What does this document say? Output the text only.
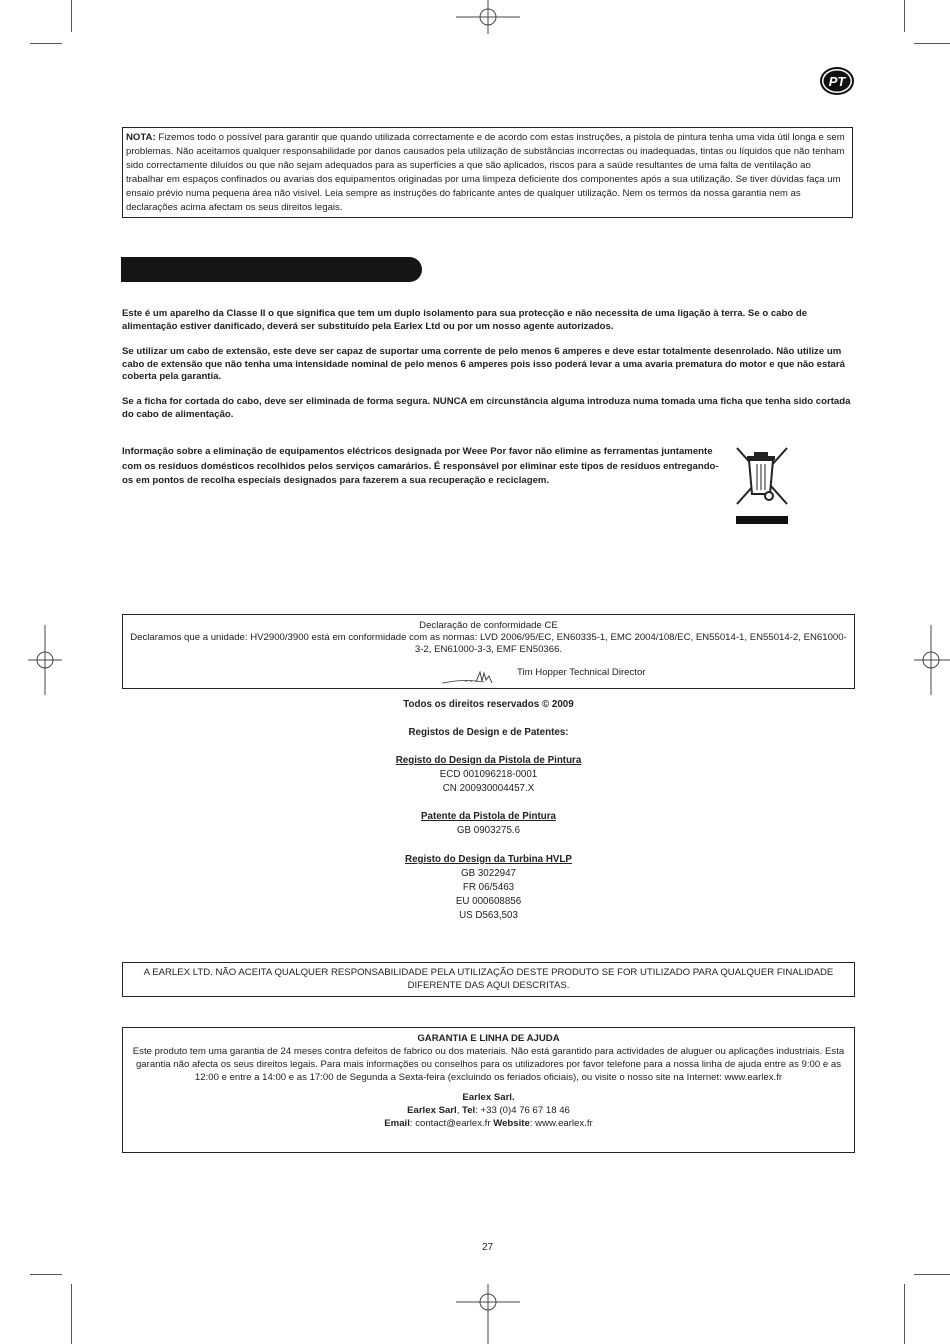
PT
NOTA: Fizemos todo o possível para garantir que quando utilizada correctamente e de acordo com estas instruções, a pistola de pintura tenha uma vida útil longa e sem problemas. Não aceitamos qualquer responsabilidade por danos causados pela utilização de substâncias incorrectas ou inadequadas, tintas ou líquidos que não tenham sido correctamente diluídos ou que não sejam adequados para as superfícies a que são aplicados, riscos para a saúde resultantes de uma falta de ventilação ao trabalhar em espaços confinados ou avarias dos equipamentos originadas por uma limpeza deficiente dos componentes após a sua utilização. Se tiver dúvidas faça um ensaio prévio numa pequena área não visível. Leia sempre as instruções do fabricante antes de qualquer utilização. Nem os termos da nossa garantia nem as declarações acima afectam os seus direitos legais.
Este é um aparelho da Classe II o que significa que tem um duplo isolamento para sua protecção e não necessita de uma ligação à terra. Se o cabo de alimentação estiver danificado, deverá ser substituído pela Earlex Ltd ou por um nosso agente autorizados.
Se utilizar um cabo de extensão, este deve ser capaz de suportar uma corrente de pelo menos 6 amperes e deve estar totalmente desenrolado. Não utilize um cabo de extensão que não tenha uma intensidade nominal de pelo menos 6 amperes pois isso poderá levar a uma avaria prematura do motor e que não estará coberta pela garantia.
Se a ficha for cortada do cabo, deve ser eliminada de forma segura. NUNCA em circunstância alguma introduza numa tomada uma ficha que tenha sido cortada do cabo de alimentação.
Informação sobre a eliminação de equipamentos eléctricos designada por Weee Por favor não elimine as ferramentas juntamente com os resíduos domésticos recolhidos pelos serviços camarários. É responsável por eliminar este tipos de resíduos entregando-os em pontos de recolha especiais designados para fazerem a sua recuperação e reciclagem.
Declaração de conformidade CE
Declaramos que a unidade: HV2900/3900 está em conformidade com as normas: LVD 2006/95/EC, EN60335-1, EMC 2004/108/EC, EN55014-1, EN55014-2, EN61000-3-2, EN61000-3-3, EMF EN50366.
Tim Hopper Technical Director
Todos os direitos reservados © 2009
Registos de Design e de Patentes:
Registo do Design da Pistola de Pintura
ECD 001096218-0001
CN 200930004457.X
Patente da Pistola de Pintura
GB 0903275.6
Registo do Design da Turbina HVLP
GB 3022947
FR 06/5463
EU 000608856
US D563,503
A EARLEX LTD. NÃO ACEITA QUALQUER RESPONSABILIDADE PELA UTILIZAÇÃO DESTE PRODUTO SE FOR UTILIZADO PARA QUALQUER FINALIDADE DIFERENTE DAS AQUI DESCRITAS.
GARANTIA E LINHA DE AJUDA
Este produto tem uma garantia de 24 meses contra defeitos de fabrico ou dos materiais. Não está garantido para actividades de aluguer ou aplicações industriais. Esta garantia não afecta os seus direitos legais. Para mais informações ou conselhos para os utilizadores por favor telefone para a nossa linha de ajuda entre as 9:00 e as 12:00 e entre a 14:00 e as 17:00 de Segunda a Sexta-feira (excluindo os feriados oficiais), ou visite o nosso site na Internet: www.earlex.fr
Earlex Sarl.
Earlex Sarl, Tel: +33 (0)4 76 67 18 46
Email: contact@earlex.fr Website: www.earlex.fr
27
